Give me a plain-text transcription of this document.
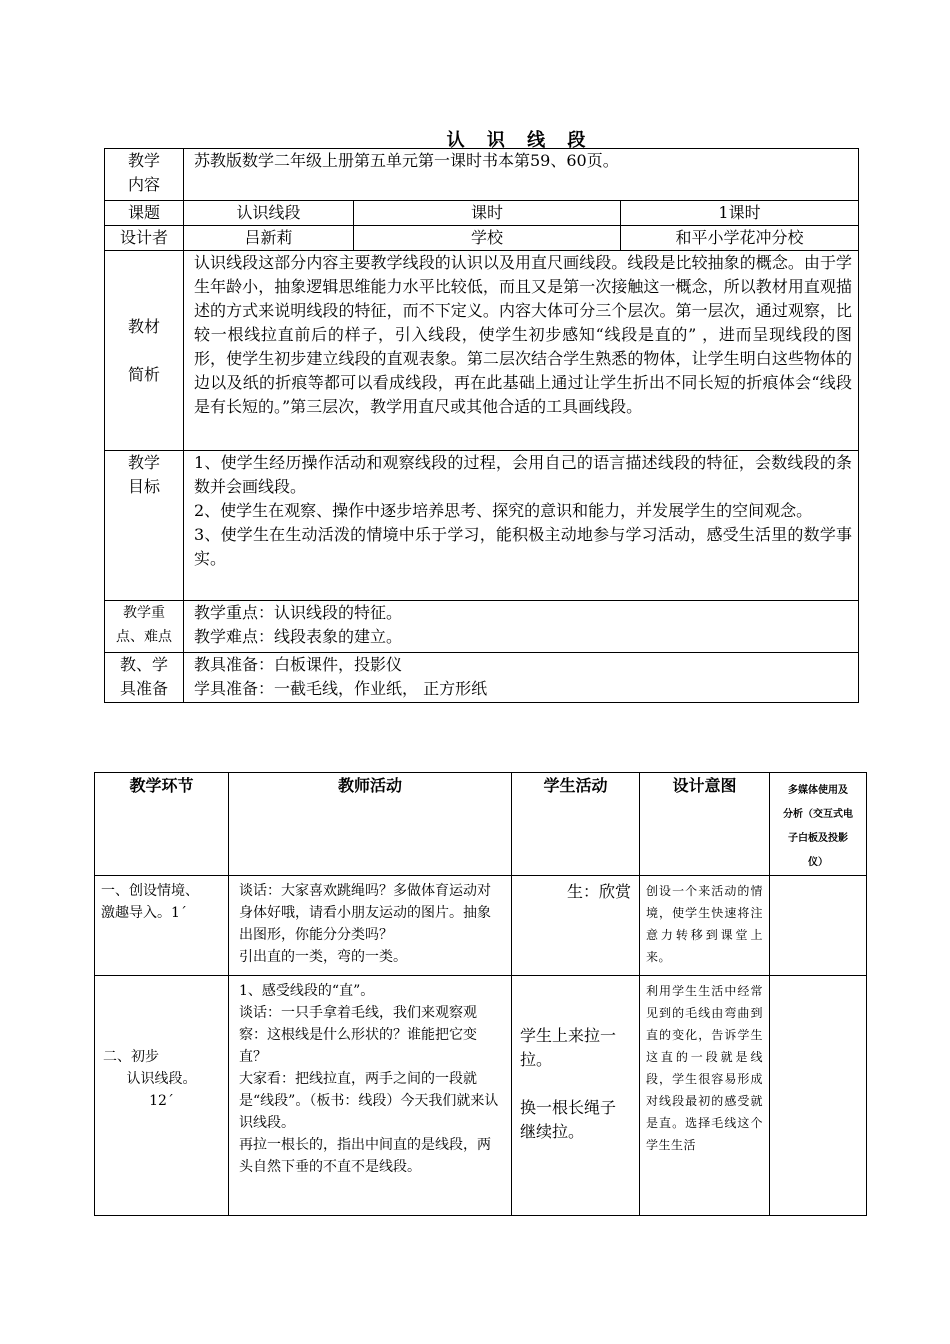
认 识 线 段
教学
内容	苏教版数学二年级上册第五单元第一课时书本第59、60页。		
课题	认识线段	课时	1课时
设计者	吕新莉	学校	和平小学花冲分校

教材
简析	认识线段这部分内容主要教学线段的认识以及用直尺画线段。线段是比较抽象的概念。由于学生年龄小，抽象逻辑思维能力水平比较低，而且又是第一次接触这一概念，所以教材用直观描述的方式来说明线段的特征，而不下定义。内容大体可分三个层次。第一层次，通过观察，比较一根线拉直前后的样子，引入线段，使学生初步感知“线段是直的” ，进而呈现线段的图形，使学生初步建立线段的直观表象。第二层次结合学生熟悉的物体，让学生明白这些物体的边以及纸的折痕等都可以看成线段，再在此基础上通过让学生折出不同长短的折痕体会“线段是有长短的。”第三层次，教学用直尺或其他合适的工具画线段。		

教学
目标	1、使学生经历操作活动和观察线段的过程，会用自己的语言描述线段的特征，会数线段的条数并会画线段。
2、使学生在观察、操作中逐步培养思考、探究的意识和能力，并发展学生的空间观念。
3、使学生在生动活泼的情境中乐于学习，能积极主动地参与学习活动，感受生活里的数学事实。		

教学重
点、难点	教学重点：认识线段的特征。
教学难点：线段表象的建立。		

教、学
具准备	教具准备：白板课件，投影仪
学具准备：一截毛线，作业纸， 正方形纸		
教学环节	教师活动	学生活动	设计意图	多媒体使用及
分析（交互式电
子白板及投影
仪）

一、创设情境、
激趣导入。1ˊ	谈话：大家喜欢跳绳吗？多做体育运动对身体好哦，请看小朋友运动的图片。抽象出图形，你能分分类吗？
引出直的一类，弯的一类。	生：欣赏	创设一个来活动的情境，使学生快速将注意力转移到课堂上来。	

二、初步
认识线段。
12ˊ	1、感受线段的“直”。
谈话：一只手拿着毛线，我们来观察观察：这根线是什么形状的？谁能把它变直？
大家看：把线拉直，两手之间的一段就是“线段”。（板书：线段）今天我们就来认识线段。
再拉一根长的，指出中间直的是线段，两头自然下垂的不直不是线段。	学生上来拉一拉。
换一根长绳子继续拉。	利用学生生活中经常见到的毛线由弯曲到直的变化，告诉学生这直的一段就是线段，学生很容易形成对线段最初的感受就是直。选择毛线这个学生生活	
